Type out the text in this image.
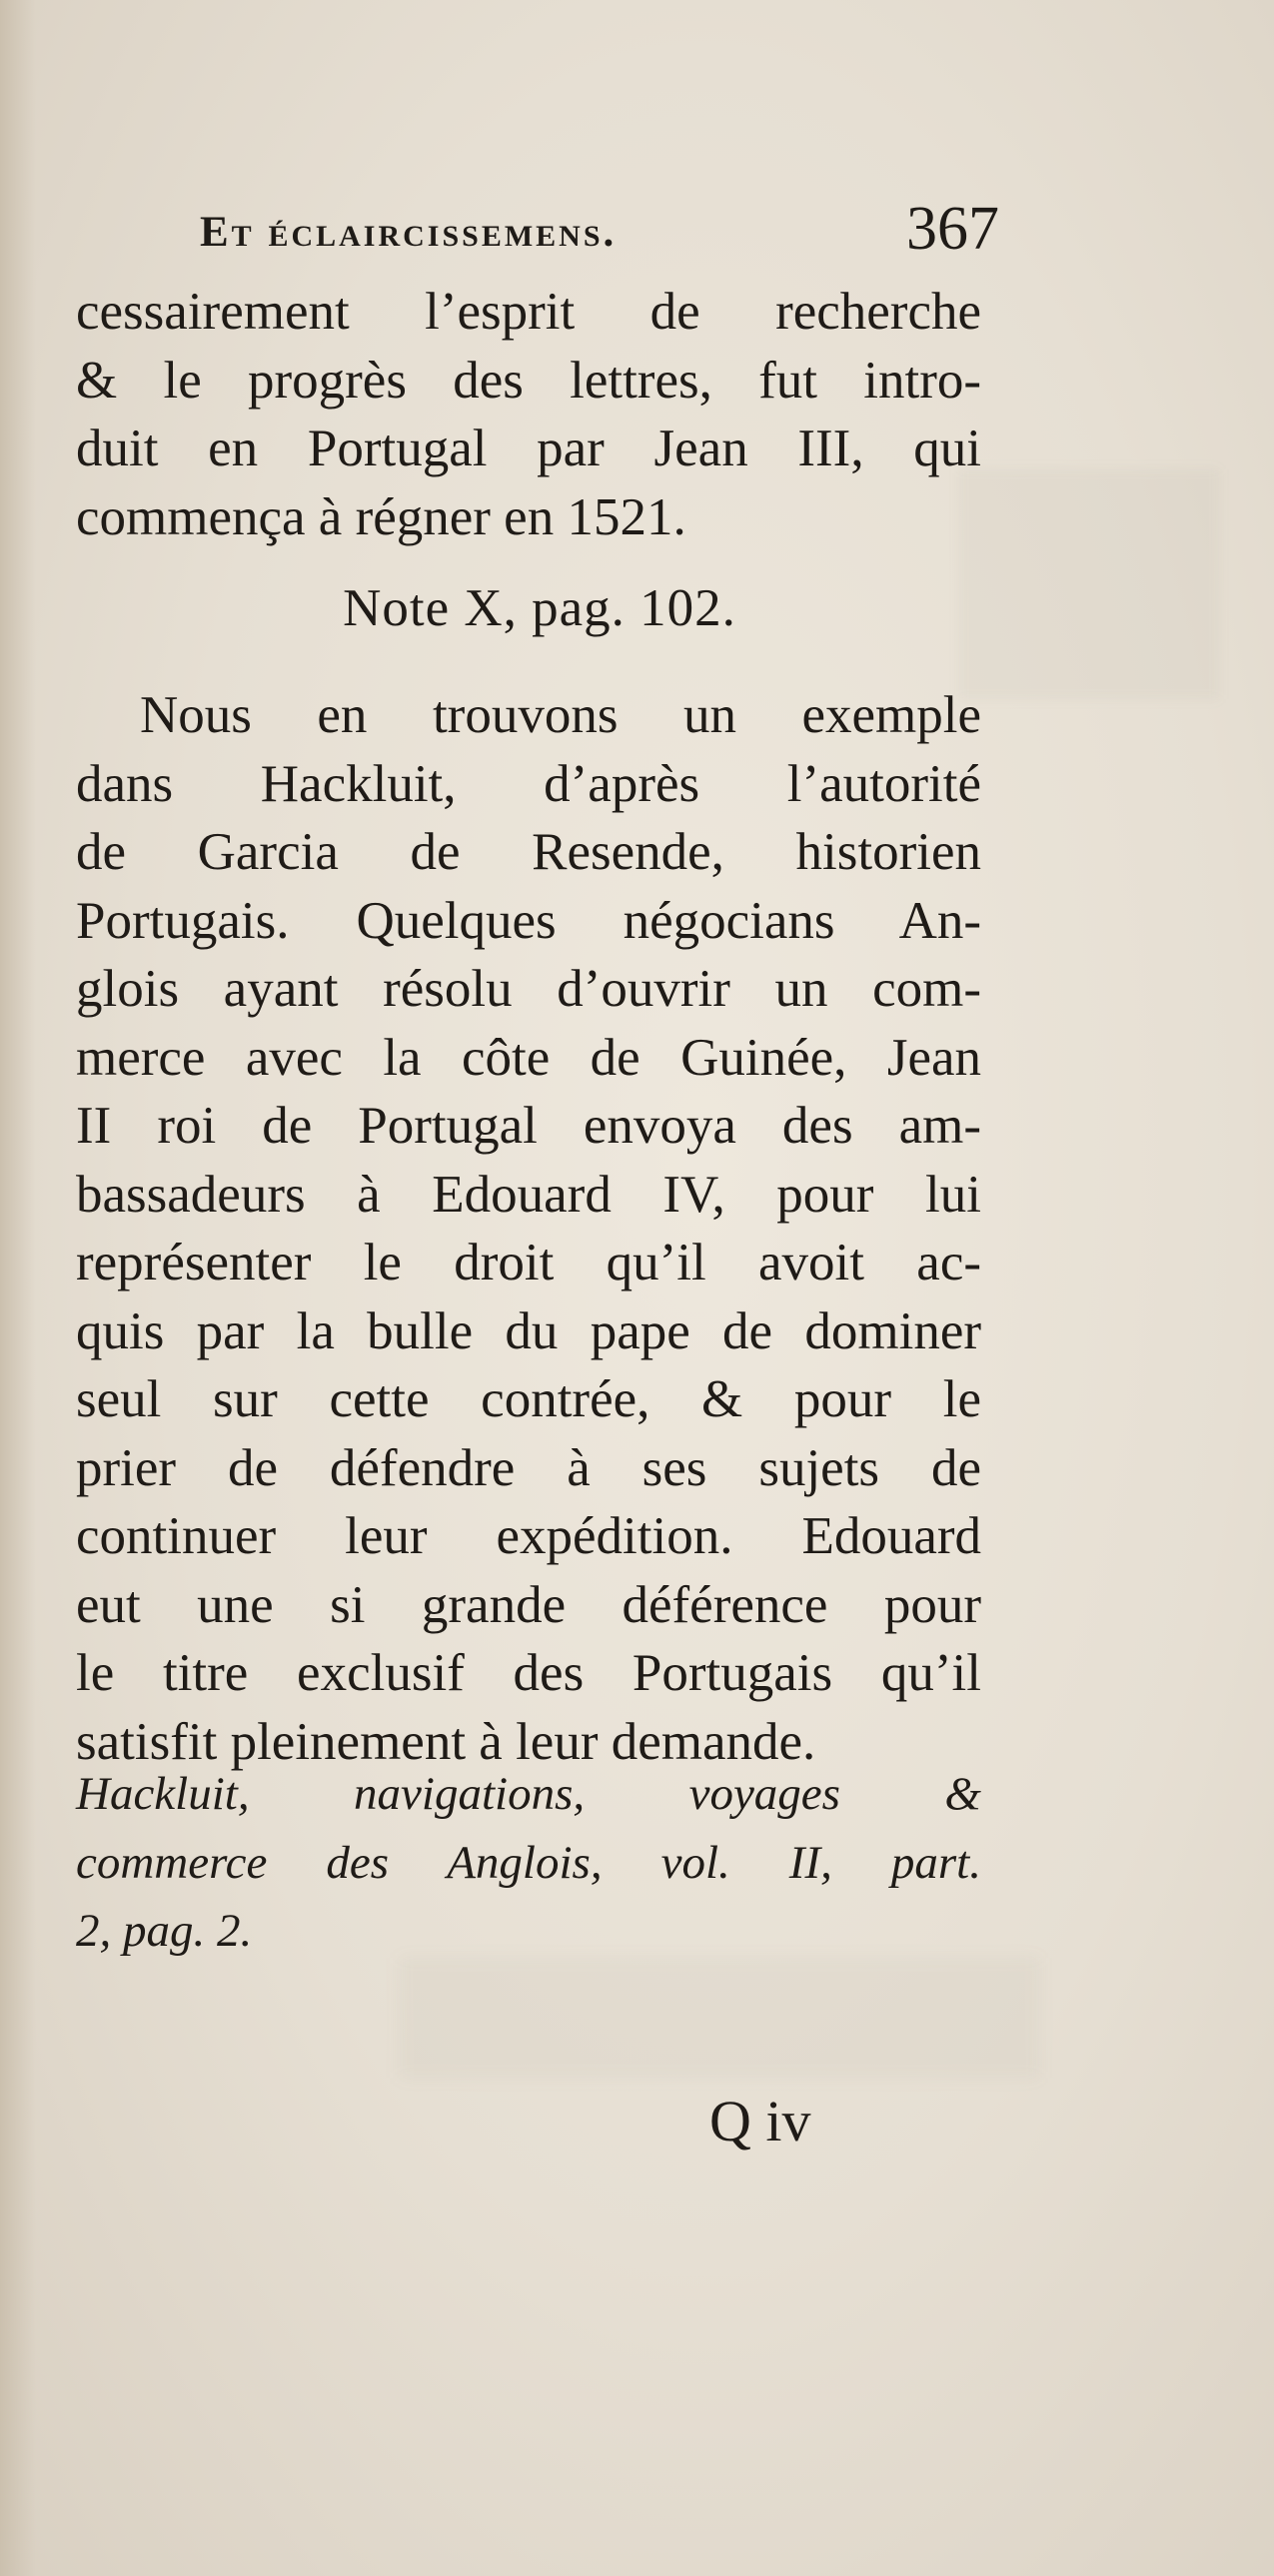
Et éclaircissemens.	367
cessairement l’esprit de recherche
& le progrès des lettres, fut intro-
duit en Portugal par Jean III, qui
commença à régner en 1521.
Note X, pag. 102.
Nous en trouvons un exemple
dans Hackluit, d’après l’autorité
de Garcia de Resende, historien
Portugais. Quelques négocians An-
glois ayant résolu d’ouvrir un com-
merce avec la côte de Guinée, Jean
II roi de Portugal envoya des am-
bassadeurs à Edouard IV, pour lui
représenter le droit qu’il avoit ac-
quis par la bulle du pape de dominer
seul sur cette contrée, & pour le
prier de défendre à ses sujets de
continuer leur expédition. Edouard
eut une si grande déférence pour
le titre exclusif des Portugais qu’il
satisfit pleinement à leur demande.
Hackluit, navigations, voyages &
commerce des Anglois, vol. II, part.
2, pag. 2.
Q iv
